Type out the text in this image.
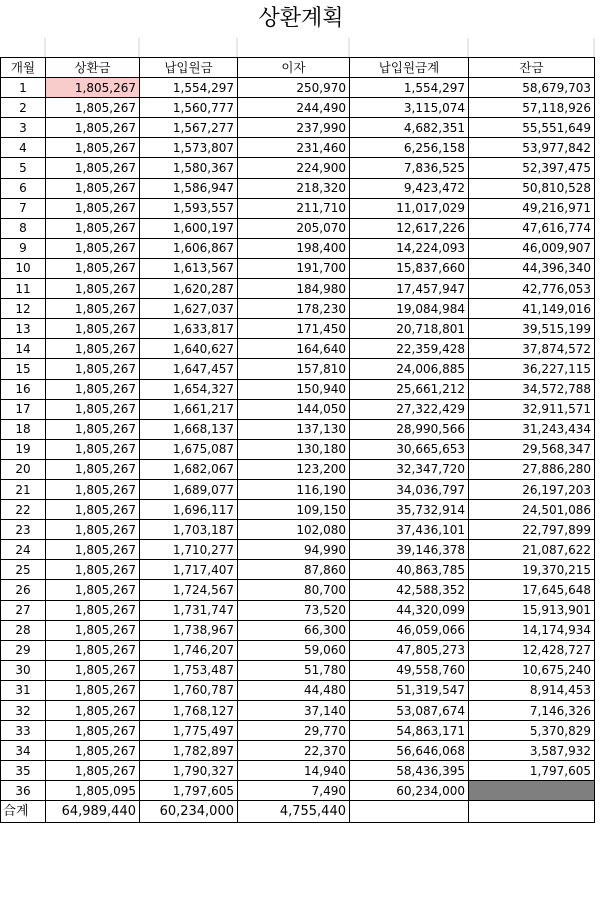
상환계획
개월	상환금	납입원금	이자	납입원금계	잔금
1	1,805,267	1,554,297	250,970	1,554,297	58,679,703
2	1,805,267	1,560,777	244,490	3,115,074	57,118,926
3	1,805,267	1,567,277	237,990	4,682,351	55,551,649
4	1,805,267	1,573,807	231,460	6,256,158	53,977,842
5	1,805,267	1,580,367	224,900	7,836,525	52,397,475
6	1,805,267	1,586,947	218,320	9,423,472	50,810,528
7	1,805,267	1,593,557	211,710	11,017,029	49,216,971
8	1,805,267	1,600,197	205,070	12,617,226	47,616,774
9	1,805,267	1,606,867	198,400	14,224,093	46,009,907
10	1,805,267	1,613,567	191,700	15,837,660	44,396,340
11	1,805,267	1,620,287	184,980	17,457,947	42,776,053
12	1,805,267	1,627,037	178,230	19,084,984	41,149,016
13	1,805,267	1,633,817	171,450	20,718,801	39,515,199
14	1,805,267	1,640,627	164,640	22,359,428	37,874,572
15	1,805,267	1,647,457	157,810	24,006,885	36,227,115
16	1,805,267	1,654,327	150,940	25,661,212	34,572,788
17	1,805,267	1,661,217	144,050	27,322,429	32,911,571
18	1,805,267	1,668,137	137,130	28,990,566	31,243,434
19	1,805,267	1,675,087	130,180	30,665,653	29,568,347
20	1,805,267	1,682,067	123,200	32,347,720	27,886,280
21	1,805,267	1,689,077	116,190	34,036,797	26,197,203
22	1,805,267	1,696,117	109,150	35,732,914	24,501,086
23	1,805,267	1,703,187	102,080	37,436,101	22,797,899
24	1,805,267	1,710,277	94,990	39,146,378	21,087,622
25	1,805,267	1,717,407	87,860	40,863,785	19,370,215
26	1,805,267	1,724,567	80,700	42,588,352	17,645,648
27	1,805,267	1,731,747	73,520	44,320,099	15,913,901
28	1,805,267	1,738,967	66,300	46,059,066	14,174,934
29	1,805,267	1,746,207	59,060	47,805,273	12,428,727
30	1,805,267	1,753,487	51,780	49,558,760	10,675,240
31	1,805,267	1,760,787	44,480	51,319,547	8,914,453
32	1,805,267	1,768,127	37,140	53,087,674	7,146,326
33	1,805,267	1,775,497	29,770	54,863,171	5,370,829
34	1,805,267	1,782,897	22,370	56,646,068	3,587,932
35	1,805,267	1,790,327	14,940	58,436,395	1,797,605
36	1,805,095	1,797,605	7,490	60,234,000	
合계	64,989,440	60,234,000	4,755,440		
